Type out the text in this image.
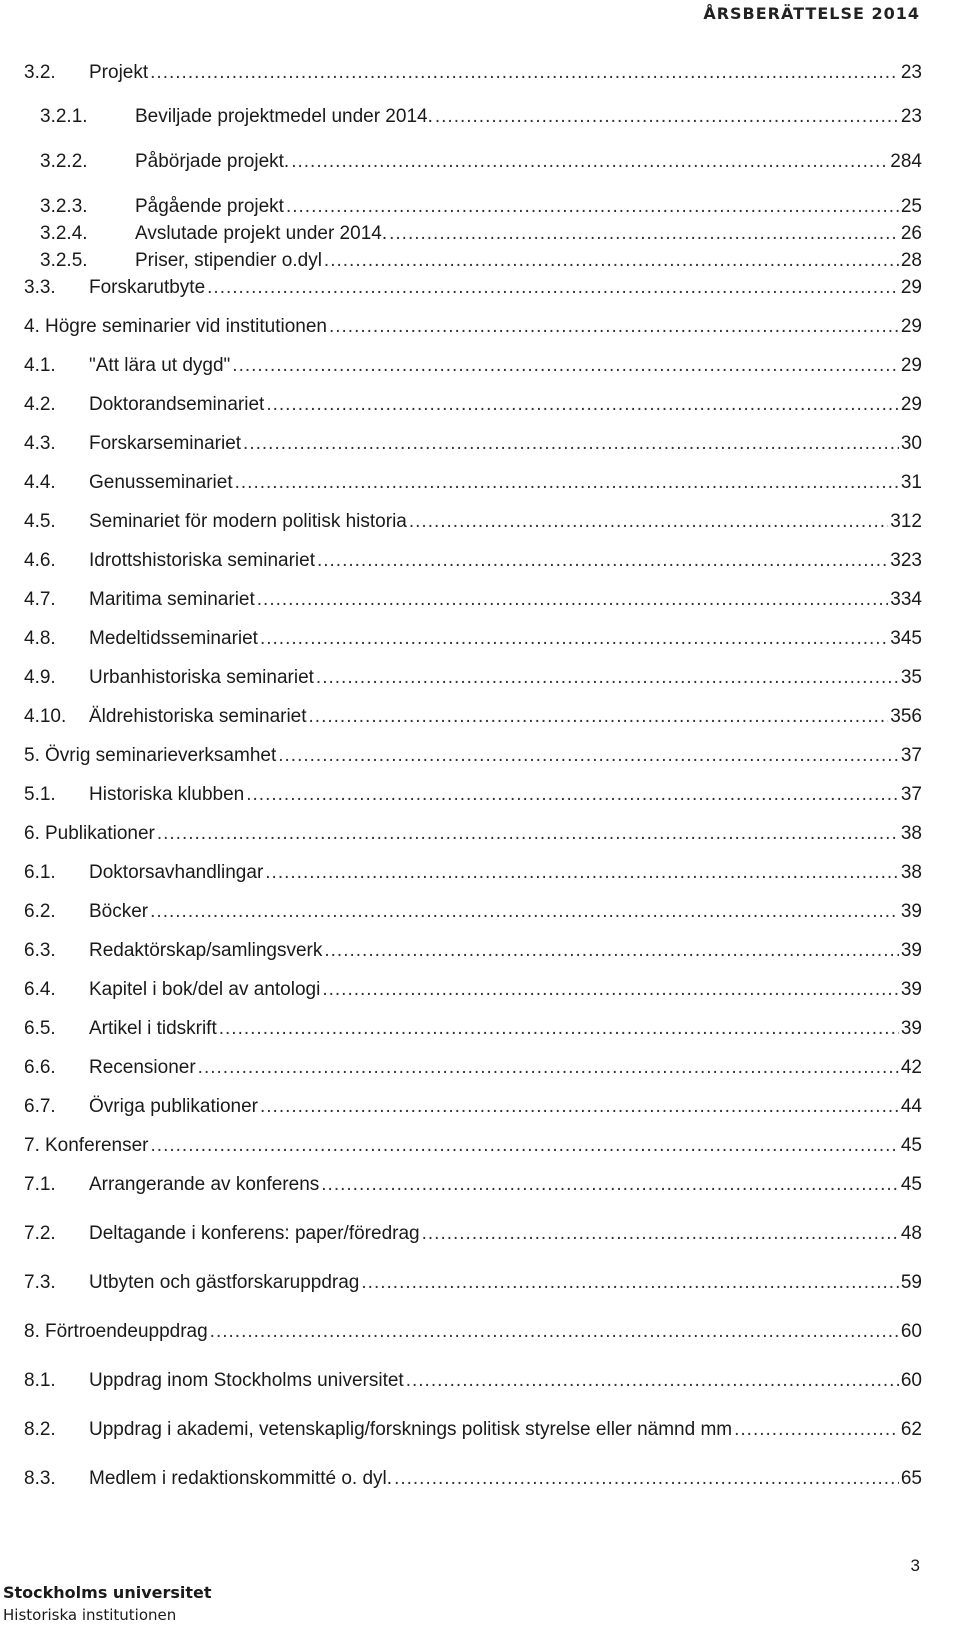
ÅRSBERÄTTELSE 2014
3.2.	Projekt .....	23
3.2.1.	Beviljade projektmedel under 2014. .....	23
3.2.2.	Påbörjade projekt. .....	284
3.2.3.	Pågående projekt .....	25
3.2.4.	Avslutade projekt under 2014. .....	26
3.2.5.	Priser, stipendier o.dyl .....	28
3.3.	Forskarutbyte .....	29
4. Högre seminarier vid institutionen .....	29
4.1.	"Att lära ut dygd" .....	29
4.2.	Doktorandseminariet .....	29
4.3.	Forskarseminariet .....	30
4.4.	Genusseminariet .....	31
4.5.	Seminariet för modern politisk historia .....	312
4.6.	Idrottshistoriska seminariet .....	323
4.7.	Maritima seminariet .....	334
4.8.	Medeltidsseminariet .....	345
4.9.	Urbanhistoriska seminariet .....	35
4.10.	Äldrehistoriska seminariet .....	356
5. Övrig seminarieverksamhet .....	37
5.1.	Historiska klubben .....	37
6. Publikationer .....	38
6.1.	Doktorsavhandlingar .....	38
6.2.	Böcker .....	39
6.3.	Redaktörskap/samlingsverk .....	39
6.4.	Kapitel i bok/del av antologi .....	39
6.5.	Artikel i tidskrift .....	39
6.6.	Recensioner .....	42
6.7.	Övriga publikationer .....	44
7. Konferenser .....	45
7.1.	Arrangerande av konferens .....	45
7.2.	Deltagande i konferens: paper/föredrag .....	48
7.3.	Utbyten och gästforskaruppdrag .....	59
8. Förtroendeuppdrag .....	60
8.1.	Uppdrag inom Stockholms universitet .....	60
8.2.	Uppdrag i akademi, vetenskaplig/forsknings politisk styrelse eller nämnd mm .....	62
8.3.	Medlem i redaktionskommitté o. dyl. .....	65
3
Stockholms universitet
Historiska institutionen
